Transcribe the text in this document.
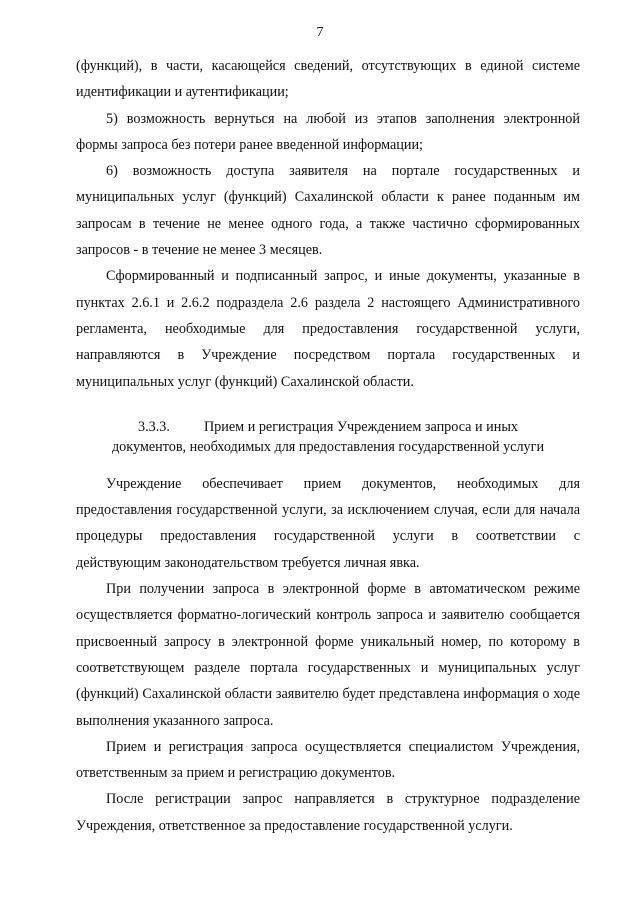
7

(функций), в части, касающейся сведений, отсутствующих в единой системе идентификации и аутентификации;

5) возможность вернуться на любой из этапов заполнения электронной формы запроса без потери ранее введенной информации;

6) возможность доступа заявителя на портале государственных и муниципальных услуг (функций) Сахалинской области к ранее поданным им запросам в течение не менее одного года, а также частично сформированных запросов - в течение не менее 3 месяцев.

Сформированный и подписанный запрос, и иные документы, указанные в пунктах 2.6.1 и 2.6.2 подраздела 2.6 раздела 2 настоящего Административного регламента, необходимые для предоставления государственной услуги, направляются в Учреждение посредством портала государственных и муниципальных услуг (функций) Сахалинской области.

3.3.3. Прием и регистрация Учреждением запроса и иных
документов, необходимых для предоставления государственной услуги

Учреждение обеспечивает прием документов, необходимых для предоставления государственной услуги, за исключением случая, если для начала процедуры предоставления государственной услуги в соответствии с действующим законодательством требуется личная явка.

При получении запроса в электронной форме в автоматическом режиме осуществляется форматно-логический контроль запроса и заявителю сообщается присвоенный запросу в электронной форме уникальный номер, по которому в соответствующем разделе портала государственных и муниципальных услуг (функций) Сахалинской области заявителю будет представлена информация о ходе выполнения указанного запроса.

Прием и регистрация запроса осуществляется специалистом Учреждения, ответственным за прием и регистрацию документов.

После регистрации запрос направляется в структурное подразделение Учреждения, ответственное за предоставление государственной услуги.
